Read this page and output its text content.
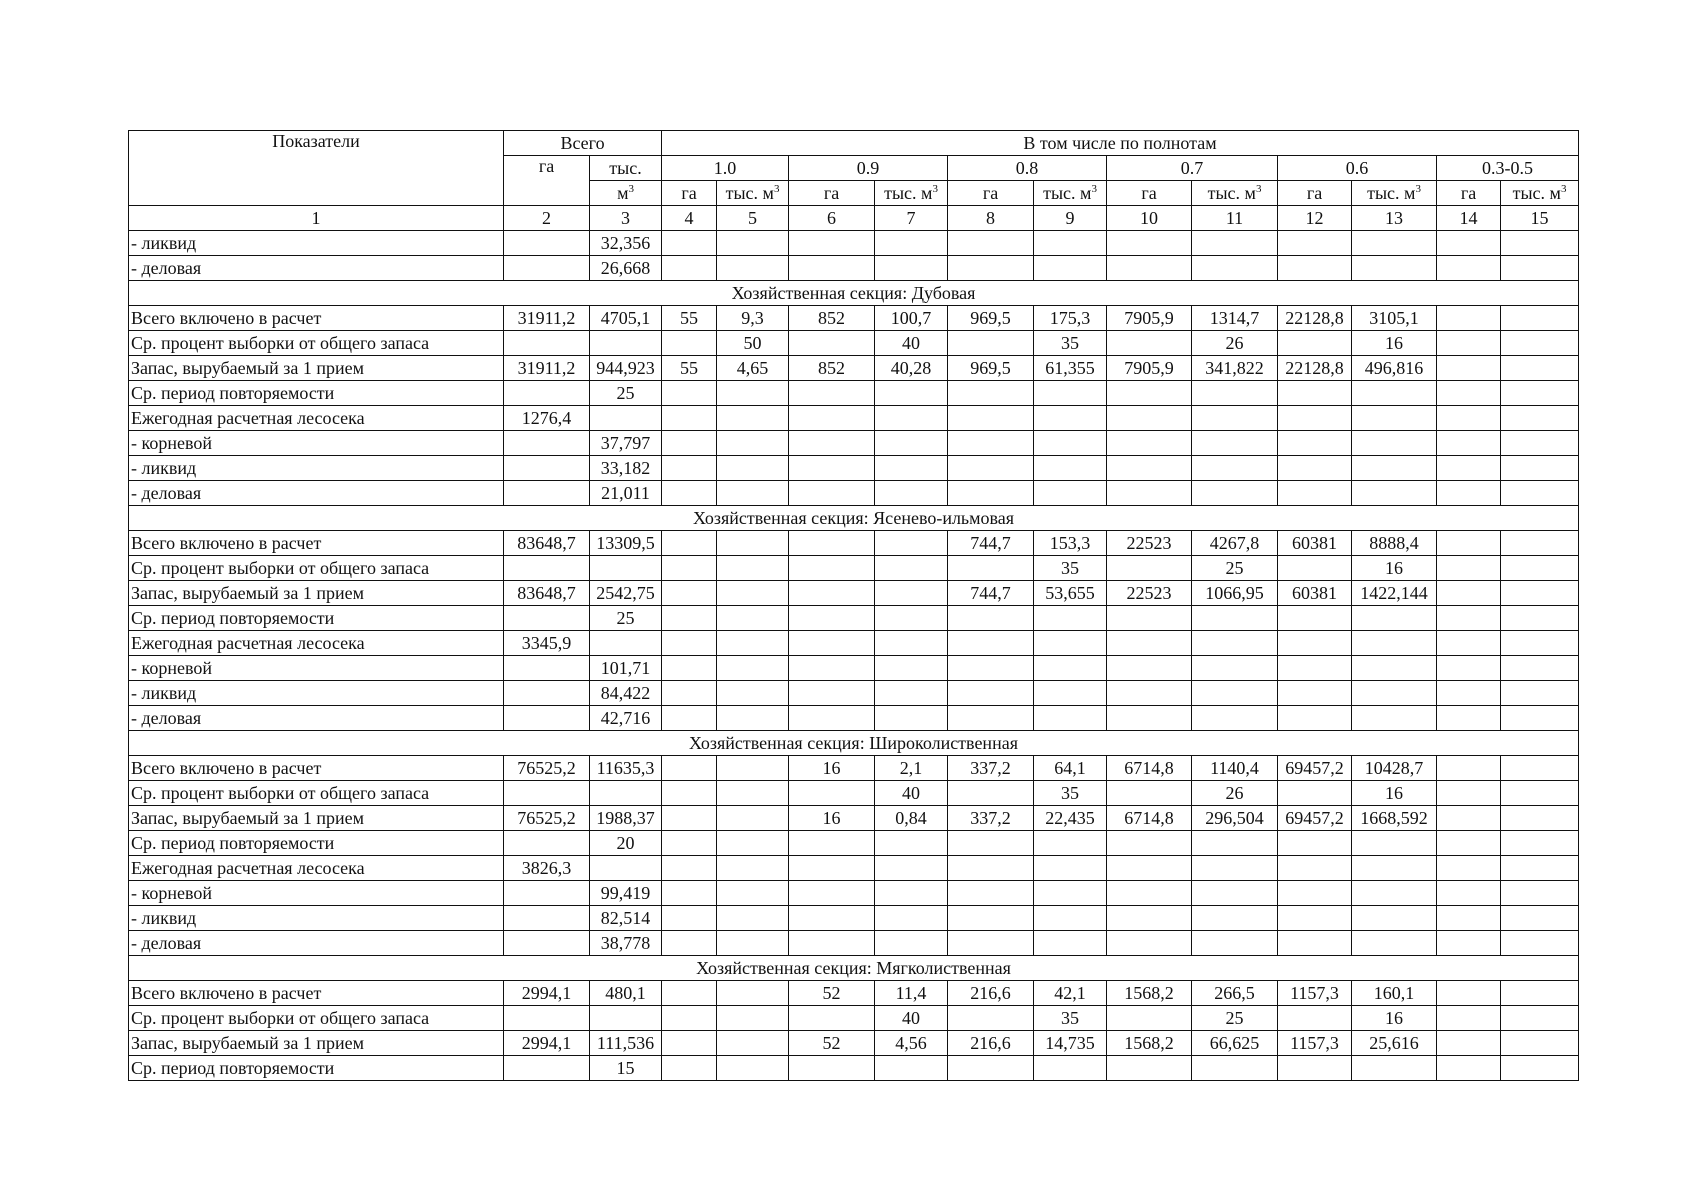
Показатели	Всего		В том числе по полнотам											
	га	тыс.	1.0		0.9		0.8		0.7		0.6		0.3-0.5	
		$м^3$	га	тыс. $м^3$	га	тыс. $м^3$	га	тыс. $м^3$	га	тыс. $м^3$	га	тыс. $м^3$	га	тыс. $м^3$
1	2	3	4	5	6	7	8	9	10	11	12	13	14	15
- ликвид		32,356												
- деловая		26,668												
Хозяйственная секция: Дубовая														
Всего включено в расчет	31911,2	4705,1	55	9,3	852	100,7	969,5	175,3	7905,9	1314,7	22128,8	3105,1		
Ср. процент выборки от общего запаса				50		40		35		26		16		
Запас, вырубаемый за 1 прием	31911,2	944,923	55	4,65	852	40,28	969,5	61,355	7905,9	341,822	22128,8	496,816		
Ср. период повторяемости		25												
Ежегодная расчетная лесосека	1276,4													
- корневой		37,797												
- ликвид		33,182												
- деловая		21,011												
Хозяйственная секция: Ясенево-ильмовая														
Всего включено в расчет	83648,7	13309,5					744,7	153,3	22523	4267,8	60381	8888,4		
Ср. процент выборки от общего запаса								35		25		16		
Запас, вырубаемый за 1 прием	83648,7	2542,75					744,7	53,655	22523	1066,95	60381	1422,144		
Ср. период повторяемости		25												
Ежегодная расчетная лесосека	3345,9													
- корневой		101,71												
- ликвид		84,422												
- деловая		42,716												
Хозяйственная секция: Широколиственная														
Всего включено в расчет	76525,2	11635,3			16	2,1	337,2	64,1	6714,8	1140,4	69457,2	10428,7		
Ср. процент выборки от общего запаса						40		35		26		16		
Запас, вырубаемый за 1 прием	76525,2	1988,37			16	0,84	337,2	22,435	6714,8	296,504	69457,2	1668,592		
Ср. период повторяемости		20												
Ежегодная расчетная лесосека	3826,3													
- корневой		99,419												
- ликвид		82,514												
- деловая		38,778												
Хозяйственная секция: Мягколиственная														
Всего включено в расчет	2994,1	480,1			52	11,4	216,6	42,1	1568,2	266,5	1157,3	160,1		
Ср. процент выборки от общего запаса						40		35		25		16		
Запас, вырубаемый за 1 прием	2994,1	111,536			52	4,56	216,6	14,735	1568,2	66,625	1157,3	25,616		
Ср. период повторяемости		15												
